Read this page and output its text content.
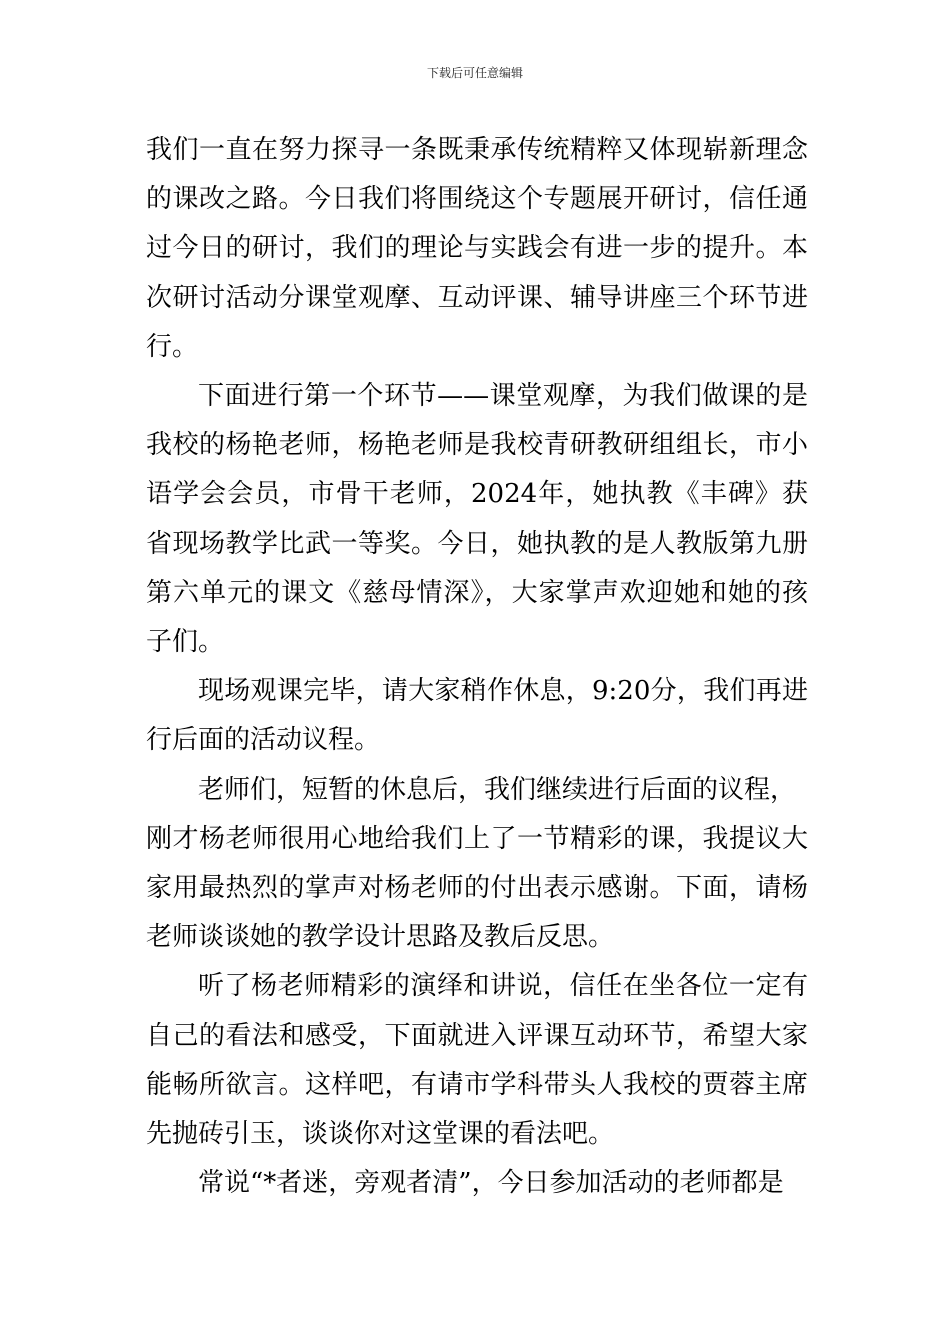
下载后可任意编辑

我们一直在努力探寻一条既秉承传统精粹又体现崭新理念的课改之路。今日我们将围绕这个专题展开研讨，信任通过今日的研讨，我们的理论与实践会有进一步的提升。本次研讨活动分课堂观摩、互动评课、辅导讲座三个环节进行。

下面进行第一个环节——课堂观摩，为我们做课的是我校的杨艳老师，杨艳老师是我校青研教研组组长，市小语学会会员，市骨干老师，2024年，她执教《丰碑》获省现场教学比武一等奖。今日，她执教的是人教版第九册第六单元的课文《慈母情深》，大家掌声欢迎她和她的孩子们。

现场观课完毕，请大家稍作休息，9:20分，我们再进行后面的活动议程。

老师们，短暂的休息后，我们继续进行后面的议程，

刚才杨老师很用心地给我们上了一节精彩的课，我提议大家用最热烈的掌声对杨老师的付出表示感谢。下面，请杨老师谈谈她的教学设计思路及教后反思。

听了杨老师精彩的演绎和讲说，信任在坐各位一定有自己的看法和感受，下面就进入评课互动环节，希望大家能畅所欲言。这样吧，有请市学科带头人我校的贾蓉主席先抛砖引玉，谈谈你对这堂课的看法吧。

常说“*者迷，旁观者清”，今日参加活动的老师都是
